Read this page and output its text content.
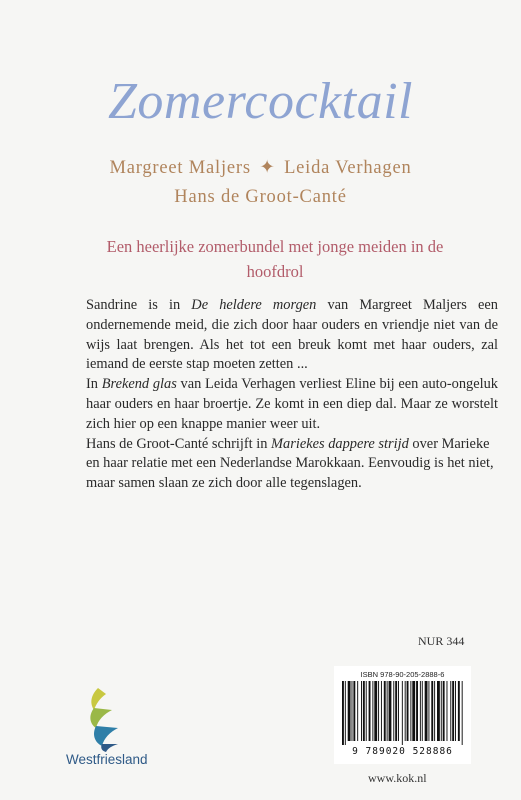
Zomercocktail
Margreet Maljers ✦ Leida Verhagen
Hans de Groot-Canté
Een heerlijke zomerbundel met jonge meiden in de hoofdrol

Sandrine is in De heldere morgen van Margreet Maljers een ondernemende meid, die zich door haar ouders en vriendje niet van de wijs laat brengen. Als het tot een breuk komt met haar ouders, zal iemand de eerste stap moeten zetten ...

In Brekend glas van Leida Verhagen verliest Eline bij een auto-ongeluk haar ouders en haar broertje. Ze komt in een diep dal. Maar ze worstelt zich hier op een knappe manier weer uit.

Hans de Groot-Canté schrijft in Mariekes dappere strijd over Marieke en haar relatie met een Nederlandse Marokkaan. Eenvoudig is het niet, maar samen slaan ze zich door alle tegenslagen.

NUR 344
ISBN 978-90-205-2888-6
9 789020 528886
Westfriesland
www.kok.nl
